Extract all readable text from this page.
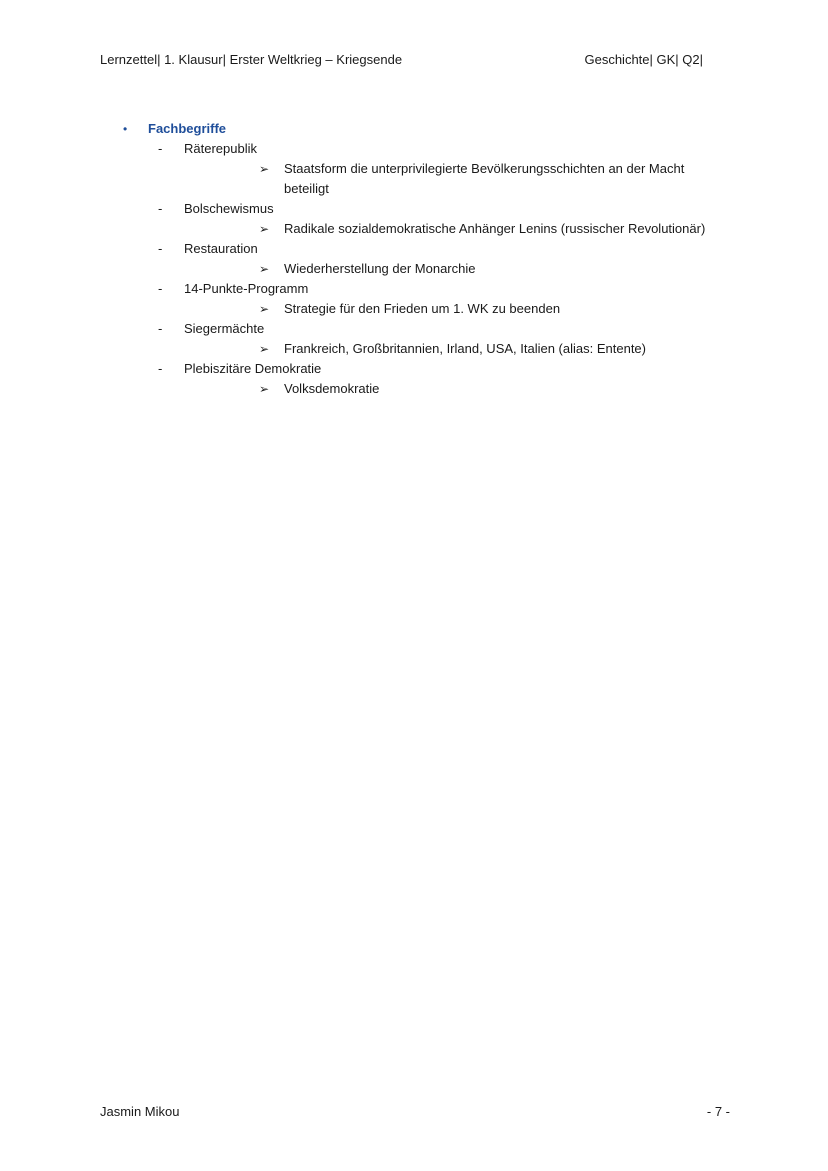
Lernzettel| 1. Klausur| Erster Weltkrieg – Kriegsende	Geschichte| GK| Q2|
• Fachbegriffe
- Räterepublik
➢ Staatsform die unterprivilegierte Bevölkerungsschichten an der Macht beteiligt
- Bolschewismus
➢ Radikale sozialdemokratische Anhänger Lenins (russischer Revolutionär)
- Restauration
➢ Wiederherstellung der Monarchie
- 14-Punkte-Programm
➢ Strategie für den Frieden um 1. WK zu beenden
- Siegermächte
➢ Frankreich, Großbritannien, Irland, USA, Italien (alias: Entente)
- Plebiszitäre Demokratie
➢ Volksdemokratie
Jasmin Mikou	- 7 -
